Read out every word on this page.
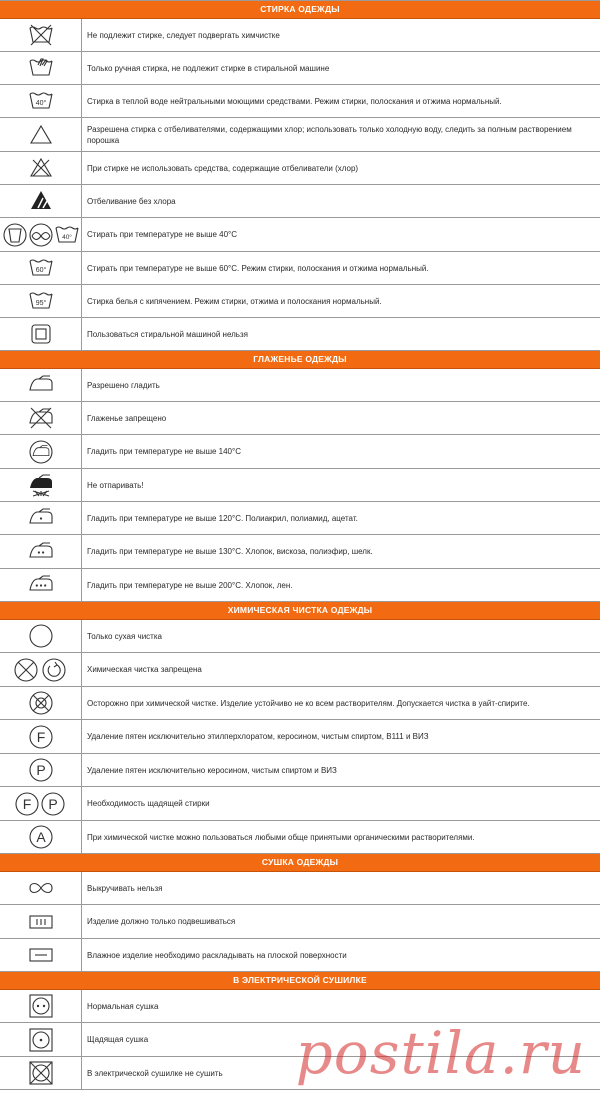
СТИРКА ОДЕЖДЫ
Не подлежит стирке, следует подвергать химчистке
Только ручная стирка, не подлежит стирке в стиральной машине
40°	Стирка в теплой воде нейтральными моющими средствами. Режим стирки, полоскания и отжима нормальный.
Разрешена стирка с отбеливателями, содержащими хлор; использовать только холодную воду, следить за полным растворением порошка
При стирке не использовать средства, содержащие отбеливатели (хлор)
Отбеливание без хлора
40°	Стирать при температуре не выше 40°С
60°	Стирать при температуре не выше 60°С. Режим стирки, полоскания и отжима нормальный.
95°	Стирка белья с кипячением. Режим стирки, отжима и полоскания нормальный.
Пользоваться стиральной машиной нельзя
ГЛАЖЕНЬЕ ОДЕЖДЫ
Разрешено гладить
Глаженье запрещено
Гладить при температуре не выше 140°С
Не отпаривать!
Гладить при температуре не выше 120°С. Полиакрил, полиамид, ацетат.
Гладить при температуре не выше 130°С. Хлопок, вискоза, полиэфир, шелк.
Гладить при температуре не выше 200°С. Хлопок, лен.
ХИМИЧЕСКАЯ ЧИСТКА ОДЕЖДЫ
Только сухая чистка
Химическая чистка запрещена
Осторожно при химической чистке. Изделие устойчиво не ко всем растворителям. Допускается чистка в уайт-спирите.
F	Удаление пятен исключительно этилперхлоратом, керосином, чистым спиртом, В111 и ВИЗ
P	Удаление пятен исключительно керосином, чистым спиртом и ВИЗ
F P	Необходимость щадящей стирки
A	При химической чистке можно пользоваться любыми обще принятыми органическими растворителями.
СУШКА ОДЕЖДЫ
Выкручивать нельзя
Изделие должно только подвешиваться
Влажное изделие необходимо раскладывать на плоской поверхности
В ЭЛЕКТРИЧЕСКОЙ СУШИЛКЕ
Нормальная сушка
Щадящая сушка
В электрической сушилке не сушить	postila.ru
